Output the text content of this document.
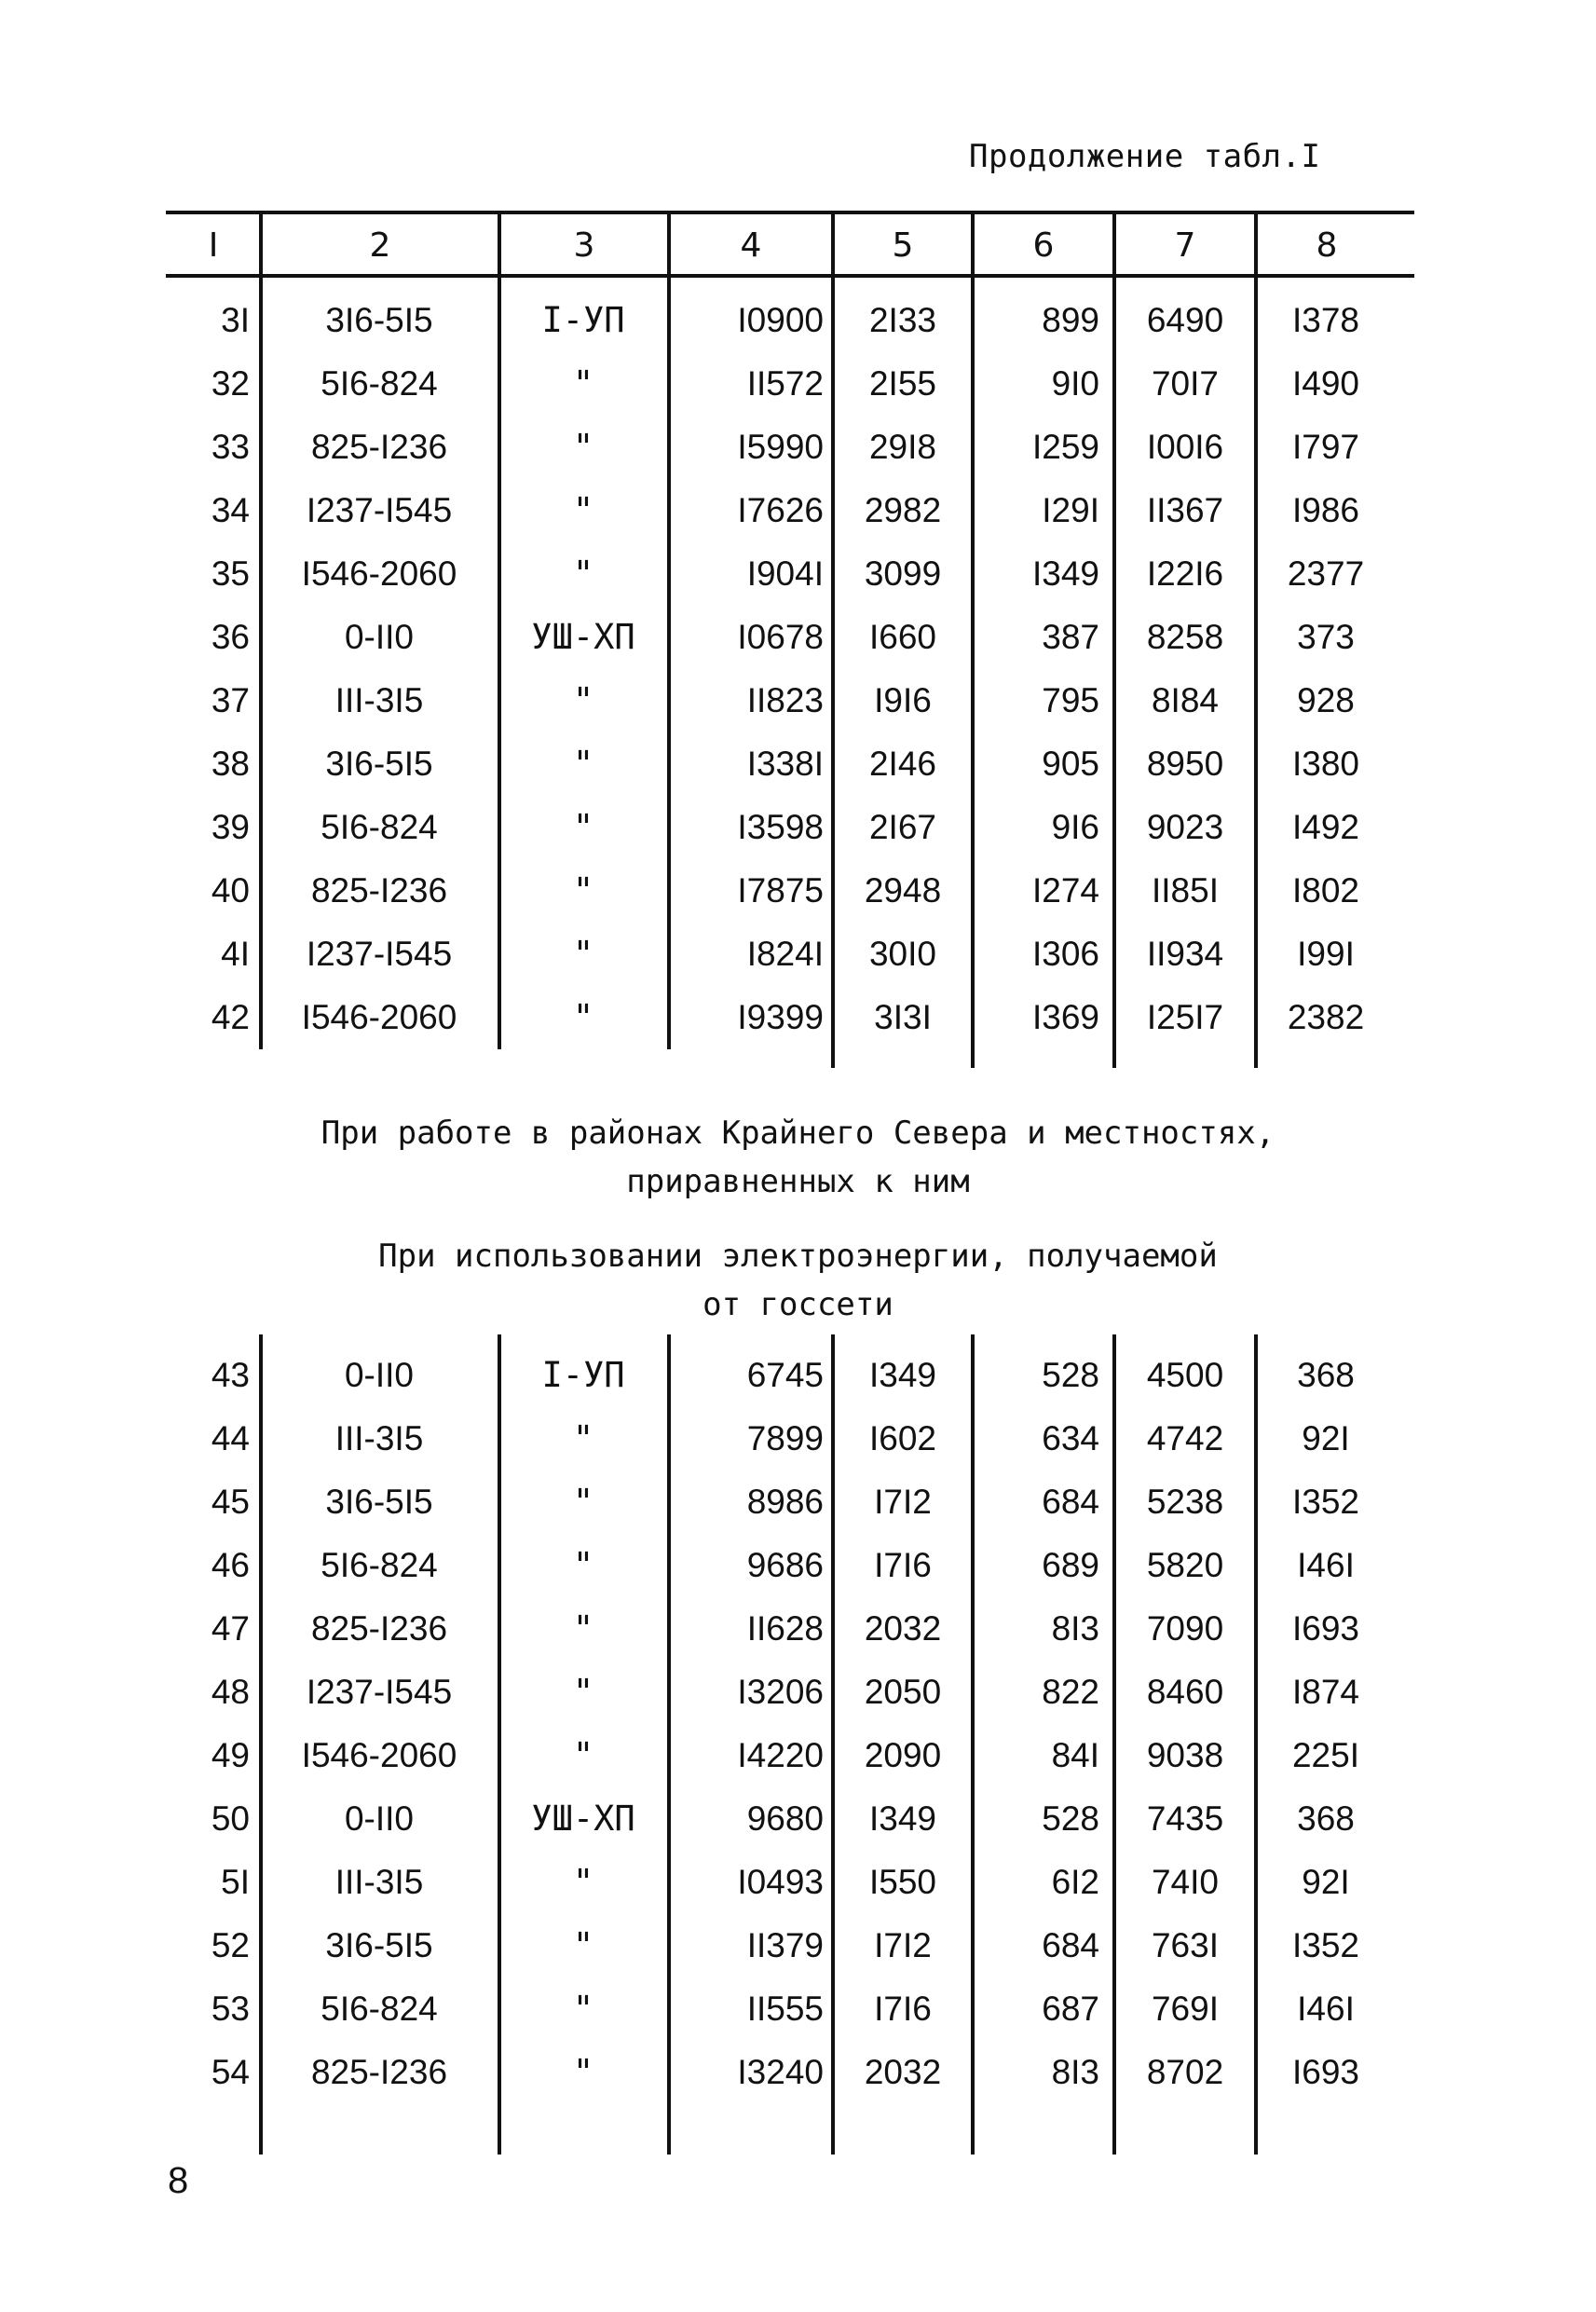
Продолжение табл.I
I	2	3	4	5	6	7	8
3I	3I6-5I5	I-УП	I0900	2I33	899	6490	I378
32	5I6-824	"	II572	2I55	9I0	70I7	I490
33	825-I236	"	I5990	29I8	I259	I00I6	I797
34	I237-I545	"	I7626	2982	I29I	II367	I986
35	I546-2060	"	I904I	3099	I349	I22I6	2377
36	0-II0	УШ-ХП	I0678	I660	387	8258	373
37	III-3I5	"	II823	I9I6	795	8I84	928
38	3I6-5I5	"	I338I	2I46	905	8950	I380
39	5I6-824	"	I3598	2I67	9I6	9023	I492
40	825-I236	"	I7875	2948	I274	II85I	I802
4I	I237-I545	"	I824I	30I0	I306	II934	I99I
42	I546-2060	"	I9399	3I3I	I369	I25I7	2382
При работе в районах Крайнего Севера и местностях,
приравненных к ним
При использовании электроэнергии, получаемой
от госсети
43	0-II0	I-УП	6745	I349	528	4500	368
44	III-3I5	"	7899	I602	634	4742	92I
45	3I6-5I5	"	8986	I7I2	684	5238	I352
46	5I6-824	"	9686	I7I6	689	5820	I46I
47	825-I236	"	II628	2032	8I3	7090	I693
48	I237-I545	"	I3206	2050	822	8460	I874
49	I546-2060	"	I4220	2090	84I	9038	225I
50	0-II0	УШ-ХП	9680	I349	528	7435	368
5I	III-3I5	"	I0493	I550	6I2	74I0	92I
52	3I6-5I5	"	II379	I7I2	684	763I	I352
53	5I6-824	"	II555	I7I6	687	769I	I46I
54	825-I236	"	I3240	2032	8I3	8702	I693
8
